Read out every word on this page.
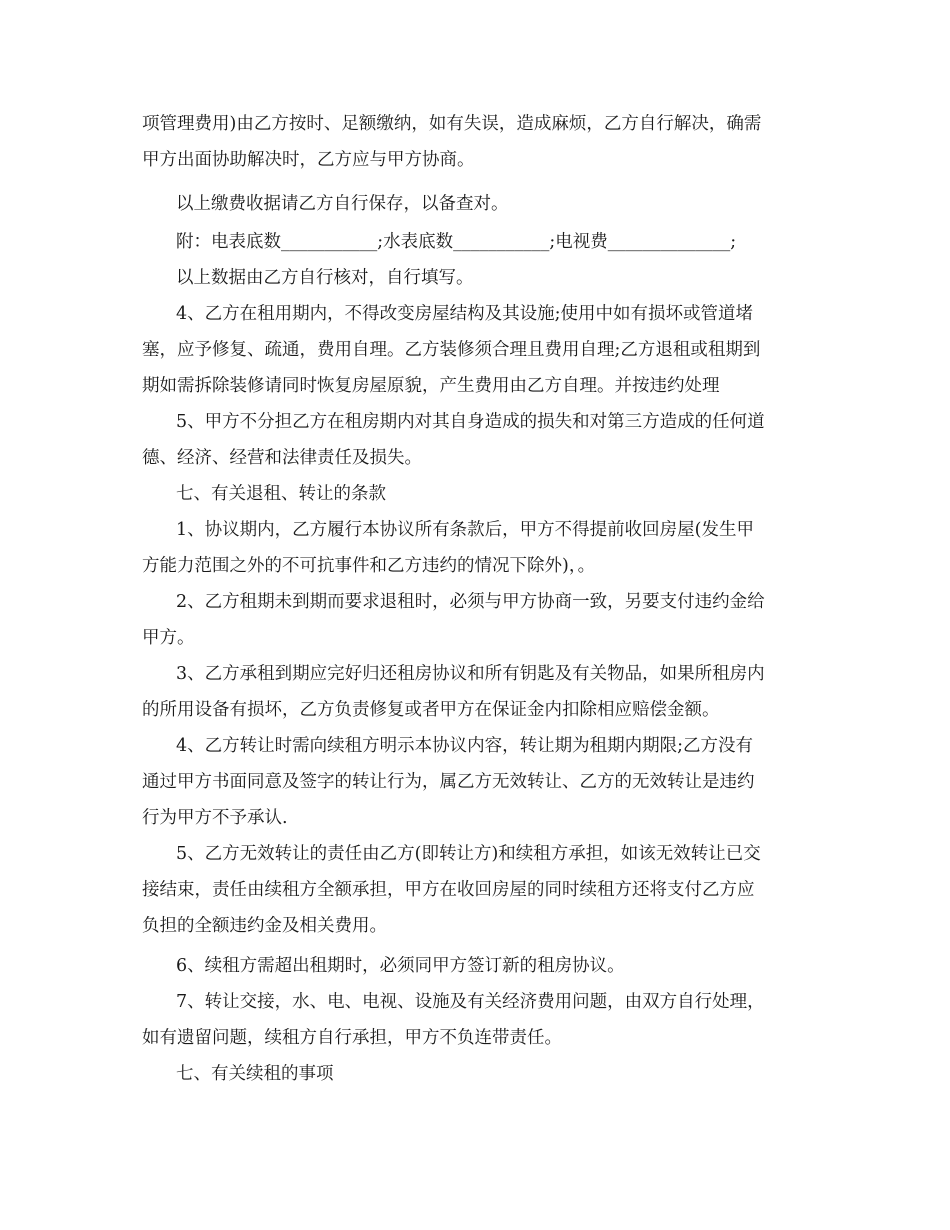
项管理费用)由乙方按时、足额缴纳，如有失误，造成麻烦，乙方自行解决，确需
甲方出面协助解决时，乙方应与甲方协商。
以上缴费收据请乙方自行保存，以备查对。
附：电表底数___________;水表底数___________;电视费______________;
以上数据由乙方自行核对，自行填写。
4、乙方在租用期内，不得改变房屋结构及其设施;使用中如有损坏或管道堵
塞，应予修复、疏通，费用自理。乙方装修须合理且费用自理;乙方退租或租期到
期如需拆除装修请同时恢复房屋原貌，产生费用由乙方自理。并按违约处理
5、甲方不分担乙方在租房期内对其自身造成的损失和对第三方造成的任何道
德、经济、经营和法律责任及损失。
七、有关退租、转让的条款
1、协议期内，乙方履行本协议所有条款后，甲方不得提前收回房屋(发生甲
方能力范围之外的不可抗事件和乙方违约的情况下除外)，。
2、乙方租期未到期而要求退租时，必须与甲方协商一致，另要支付违约金给
甲方。
3、乙方承租到期应完好归还租房协议和所有钥匙及有关物品，如果所租房内
的所用设备有损坏，乙方负责修复或者甲方在保证金内扣除相应赔偿金额。
4、乙方转让时需向续租方明示本协议内容，转让期为租期内期限;乙方没有
通过甲方书面同意及签字的转让行为，属乙方无效转让、乙方的无效转让是违约
行为甲方不予承认.
5、乙方无效转让的责任由乙方(即转让方)和续租方承担，如该无效转让已交
接结束，责任由续租方全额承担，甲方在收回房屋的同时续租方还将支付乙方应
负担的全额违约金及相关费用。
6、续租方需超出租期时，必须同甲方签订新的租房协议。
7、转让交接，水、电、电视、设施及有关经济费用问题，由双方自行处理，
如有遗留问题，续租方自行承担，甲方不负连带责任。
七、有关续租的事项
